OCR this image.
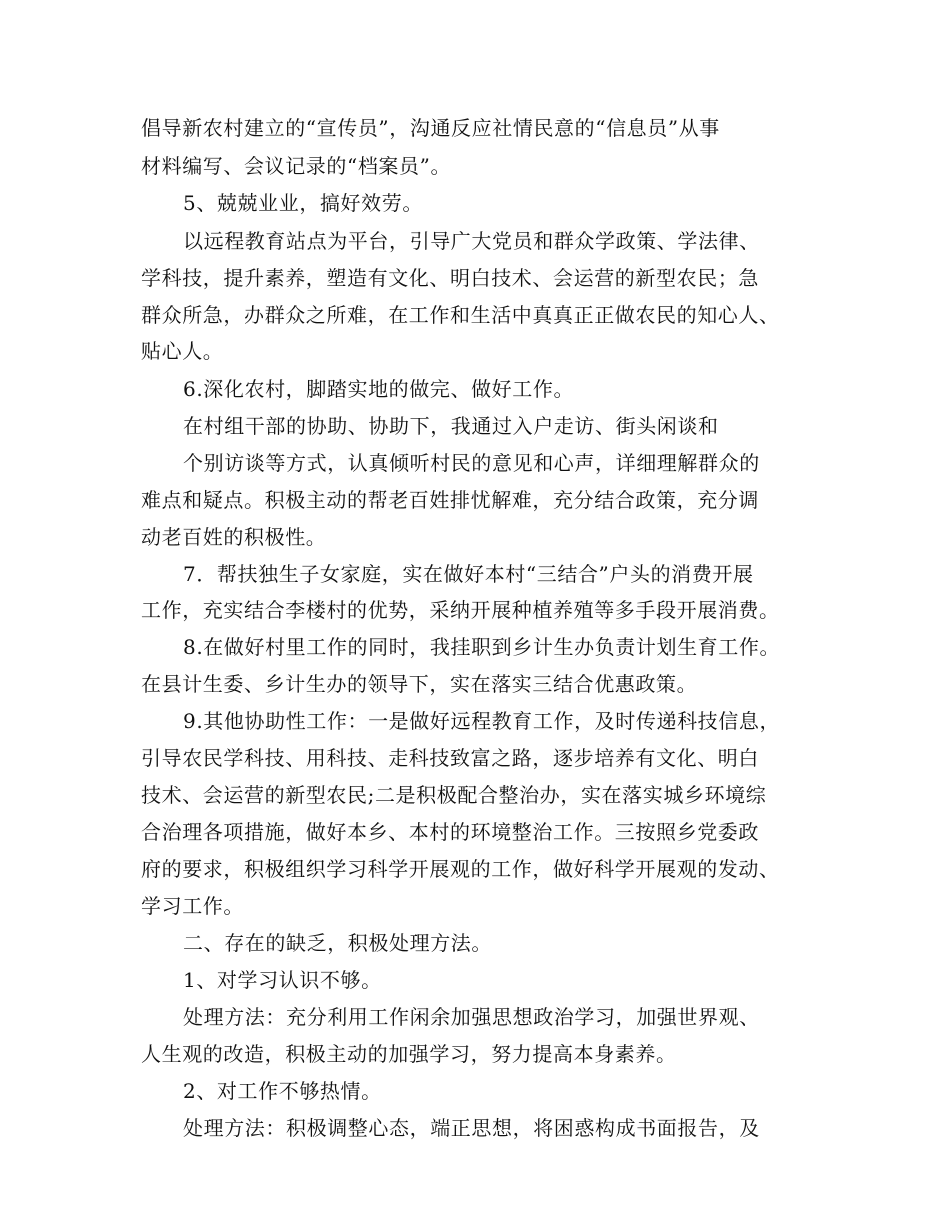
倡导新农村建立的“宣传员”，沟通反应社情民意的“信息员”从事
材料编写、会议记录的“档案员”。
5、兢兢业业，搞好效劳。
以远程教育站点为平台，引导广大党员和群众学政策、学法律、
学科技，提升素养，塑造有文化、明白技术、会运营的新型农民；急
群众所急，办群众之所难，在工作和生活中真真正正做农民的知心人、
贴心人。
6.深化农村，脚踏实地的做完、做好工作。
在村组干部的协助、协助下，我通过入户走访、街头闲谈和
个别访谈等方式，认真倾听村民的意见和心声，详细理解群众的
难点和疑点。积极主动的帮老百姓排忧解难，充分结合政策，充分调
动老百姓的积极性。
7．帮扶独生子女家庭，实在做好本村“三结合”户头的消费开展
工作，充实结合李楼村的优势，采纳开展种植养殖等多手段开展消费。
8.在做好村里工作的同时，我挂职到乡计生办负责计划生育工作。
在县计生委、乡计生办的领导下，实在落实三结合优惠政策。
9.其他协助性工作：一是做好远程教育工作，及时传递科技信息，
引导农民学科技、用科技、走科技致富之路，逐步培养有文化、明白
技术、会运营的新型农民;二是积极配合整治办，实在落实城乡环境综
合治理各项措施，做好本乡、本村的环境整治工作。三按照乡党委政
府的要求，积极组织学习科学开展观的工作，做好科学开展观的发动、
学习工作。
二、存在的缺乏，积极处理方法。
1、对学习认识不够。
处理方法：充分利用工作闲余加强思想政治学习，加强世界观、
人生观的改造，积极主动的加强学习，努力提高本身素养。
2、对工作不够热情。
处理方法：积极调整心态，端正思想，将困惑构成书面报告，及
